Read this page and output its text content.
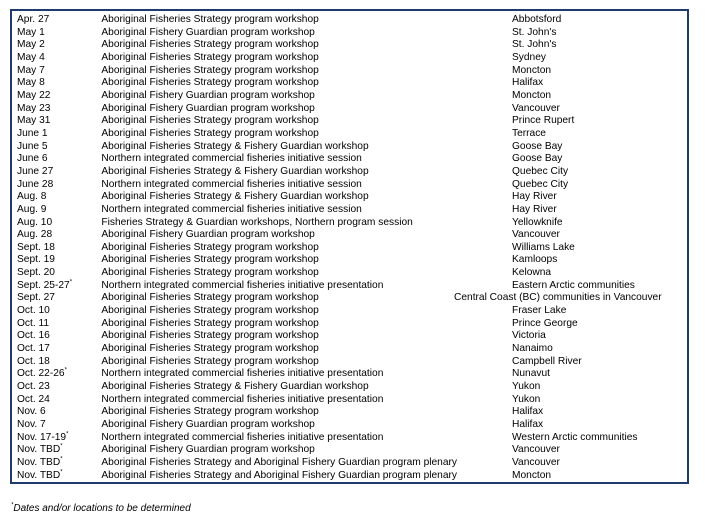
Apr. 27	Aboriginal Fisheries Strategy program workshop	Abbotsford
May 1	Aboriginal Fishery Guardian program workshop	St. John's
May 2	Aboriginal Fisheries Strategy program workshop	St. John's
May 4	Aboriginal Fisheries Strategy program workshop	Sydney
May 7	Aboriginal Fisheries Strategy program workshop	Moncton
May 8	Aboriginal Fisheries Strategy program workshop	Halifax
May 22	Aboriginal Fishery Guardian program workshop	Moncton
May 23	Aboriginal Fishery Guardian program workshop	Vancouver
May 31	Aboriginal Fisheries Strategy program workshop	Prince Rupert
June 1	Aboriginal Fisheries Strategy program workshop	Terrace
June 5	Aboriginal Fisheries Strategy & Fishery Guardian workshop	Goose Bay
June 6	Northern integrated commercial fisheries initiative session	Goose Bay
June 27	Aboriginal Fisheries Strategy & Fishery Guardian workshop	Quebec City
June 28	Northern integrated commercial fisheries initiative session	Quebec City
Aug. 8	Aboriginal Fisheries Strategy & Fishery Guardian workshop	Hay River
Aug. 9	Northern integrated commercial fisheries initiative session	Hay River
Aug. 10	Fisheries Strategy & Guardian workshops, Northern program session	Yellowknife
Aug. 28	Aboriginal Fishery Guardian program workshop	Vancouver
Sept. 18	Aboriginal Fisheries Strategy program workshop	Williams Lake
Sept. 19	Aboriginal Fisheries Strategy program workshop	Kamloops
Sept. 20	Aboriginal Fisheries Strategy program workshop	Kelowna
Sept. 25-27*	Northern integrated commercial fisheries initiative presentation	Eastern Arctic communities
Sept. 27	Aboriginal Fisheries Strategy program workshop	Central Coast (BC) communities in Vancouver
Oct. 10	Aboriginal Fisheries Strategy program workshop	Fraser Lake
Oct. 11	Aboriginal Fisheries Strategy program workshop	Prince George
Oct. 16	Aboriginal Fisheries Strategy program workshop	Victoria
Oct. 17	Aboriginal Fisheries Strategy program workshop	Nanaimo
Oct. 18	Aboriginal Fisheries Strategy program workshop	Campbell River
Oct. 22-26*	Northern integrated commercial fisheries initiative presentation	Nunavut
Oct. 23	Aboriginal Fisheries Strategy & Fishery Guardian workshop	Yukon
Oct. 24	Northern integrated commercial fisheries initiative presentation	Yukon
Nov. 6	Aboriginal Fisheries Strategy program workshop	Halifax
Nov. 7	Aboriginal Fishery Guardian program workshop	Halifax
Nov. 17-19*	Northern integrated commercial fisheries initiative presentation	Western Arctic communities
Nov. TBD*	Aboriginal Fishery Guardian program workshop	Vancouver
Nov. TBD*	Aboriginal Fisheries Strategy and Aboriginal Fishery Guardian program plenary	Vancouver
Nov. TBD*	Aboriginal Fisheries Strategy and Aboriginal Fishery Guardian program plenary	Moncton
*Dates and/or locations to be determined
